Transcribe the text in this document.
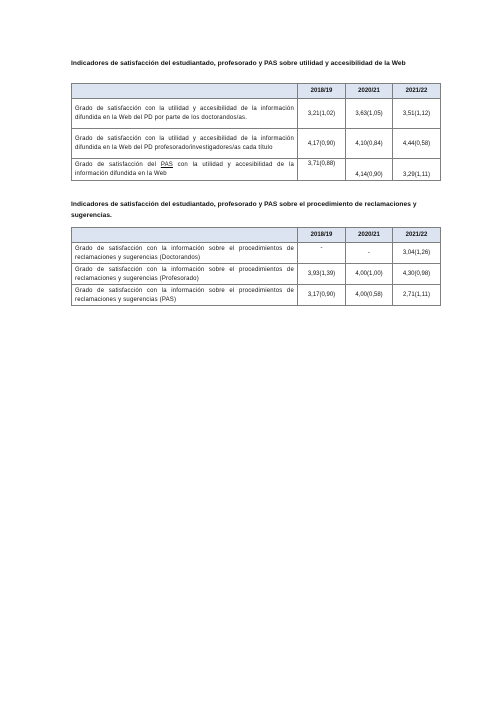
Indicadores de satisfacción del estudiantado, profesorado y PAS sobre utilidad y accesibilidad de la Web
	2018/19	2020/21	2021/22
Grado de satisfacción con la utilidad y accesibilidad de la información difundida en la Web del PD por parte de los doctorandos/as.	3,21(1,02)	3,63(1,05)	3,51(1,12)
Grado de satisfacción con la utilidad y accesibilidad de la información difundida en la Web del PD profesorado/investigadores/as cada título	4,17(0,90)	4,10(0,84)	4,44(0,58)
Grado de satisfacción del PAS con la utilidad y accesibilidad de la información difundida en la Web	3,71(0,88)	4,14(0,90)	3,29(1,11)
Indicadores de satisfacción del estudiantado, profesorado y PAS sobre el procedimiento de reclamaciones y sugerencias.
	2018/19	2020/21	2021/22
Grado de satisfacción con la información sobre el procedimientos de reclamaciones y sugerencias (Doctorandos)	-	-	3,04(1,26)
Grado de satisfacción con la información sobre el procedimientos de reclamaciones y sugerencias (Profesorado)	3,93(1,39)	4,00(1,00)	4,30(0,98)
Grado de satisfacción con la información sobre el procedimientos de reclamaciones y sugerencias (PAS)	3,17(0,90)	4,00(0,58)	2,71(1,11)
